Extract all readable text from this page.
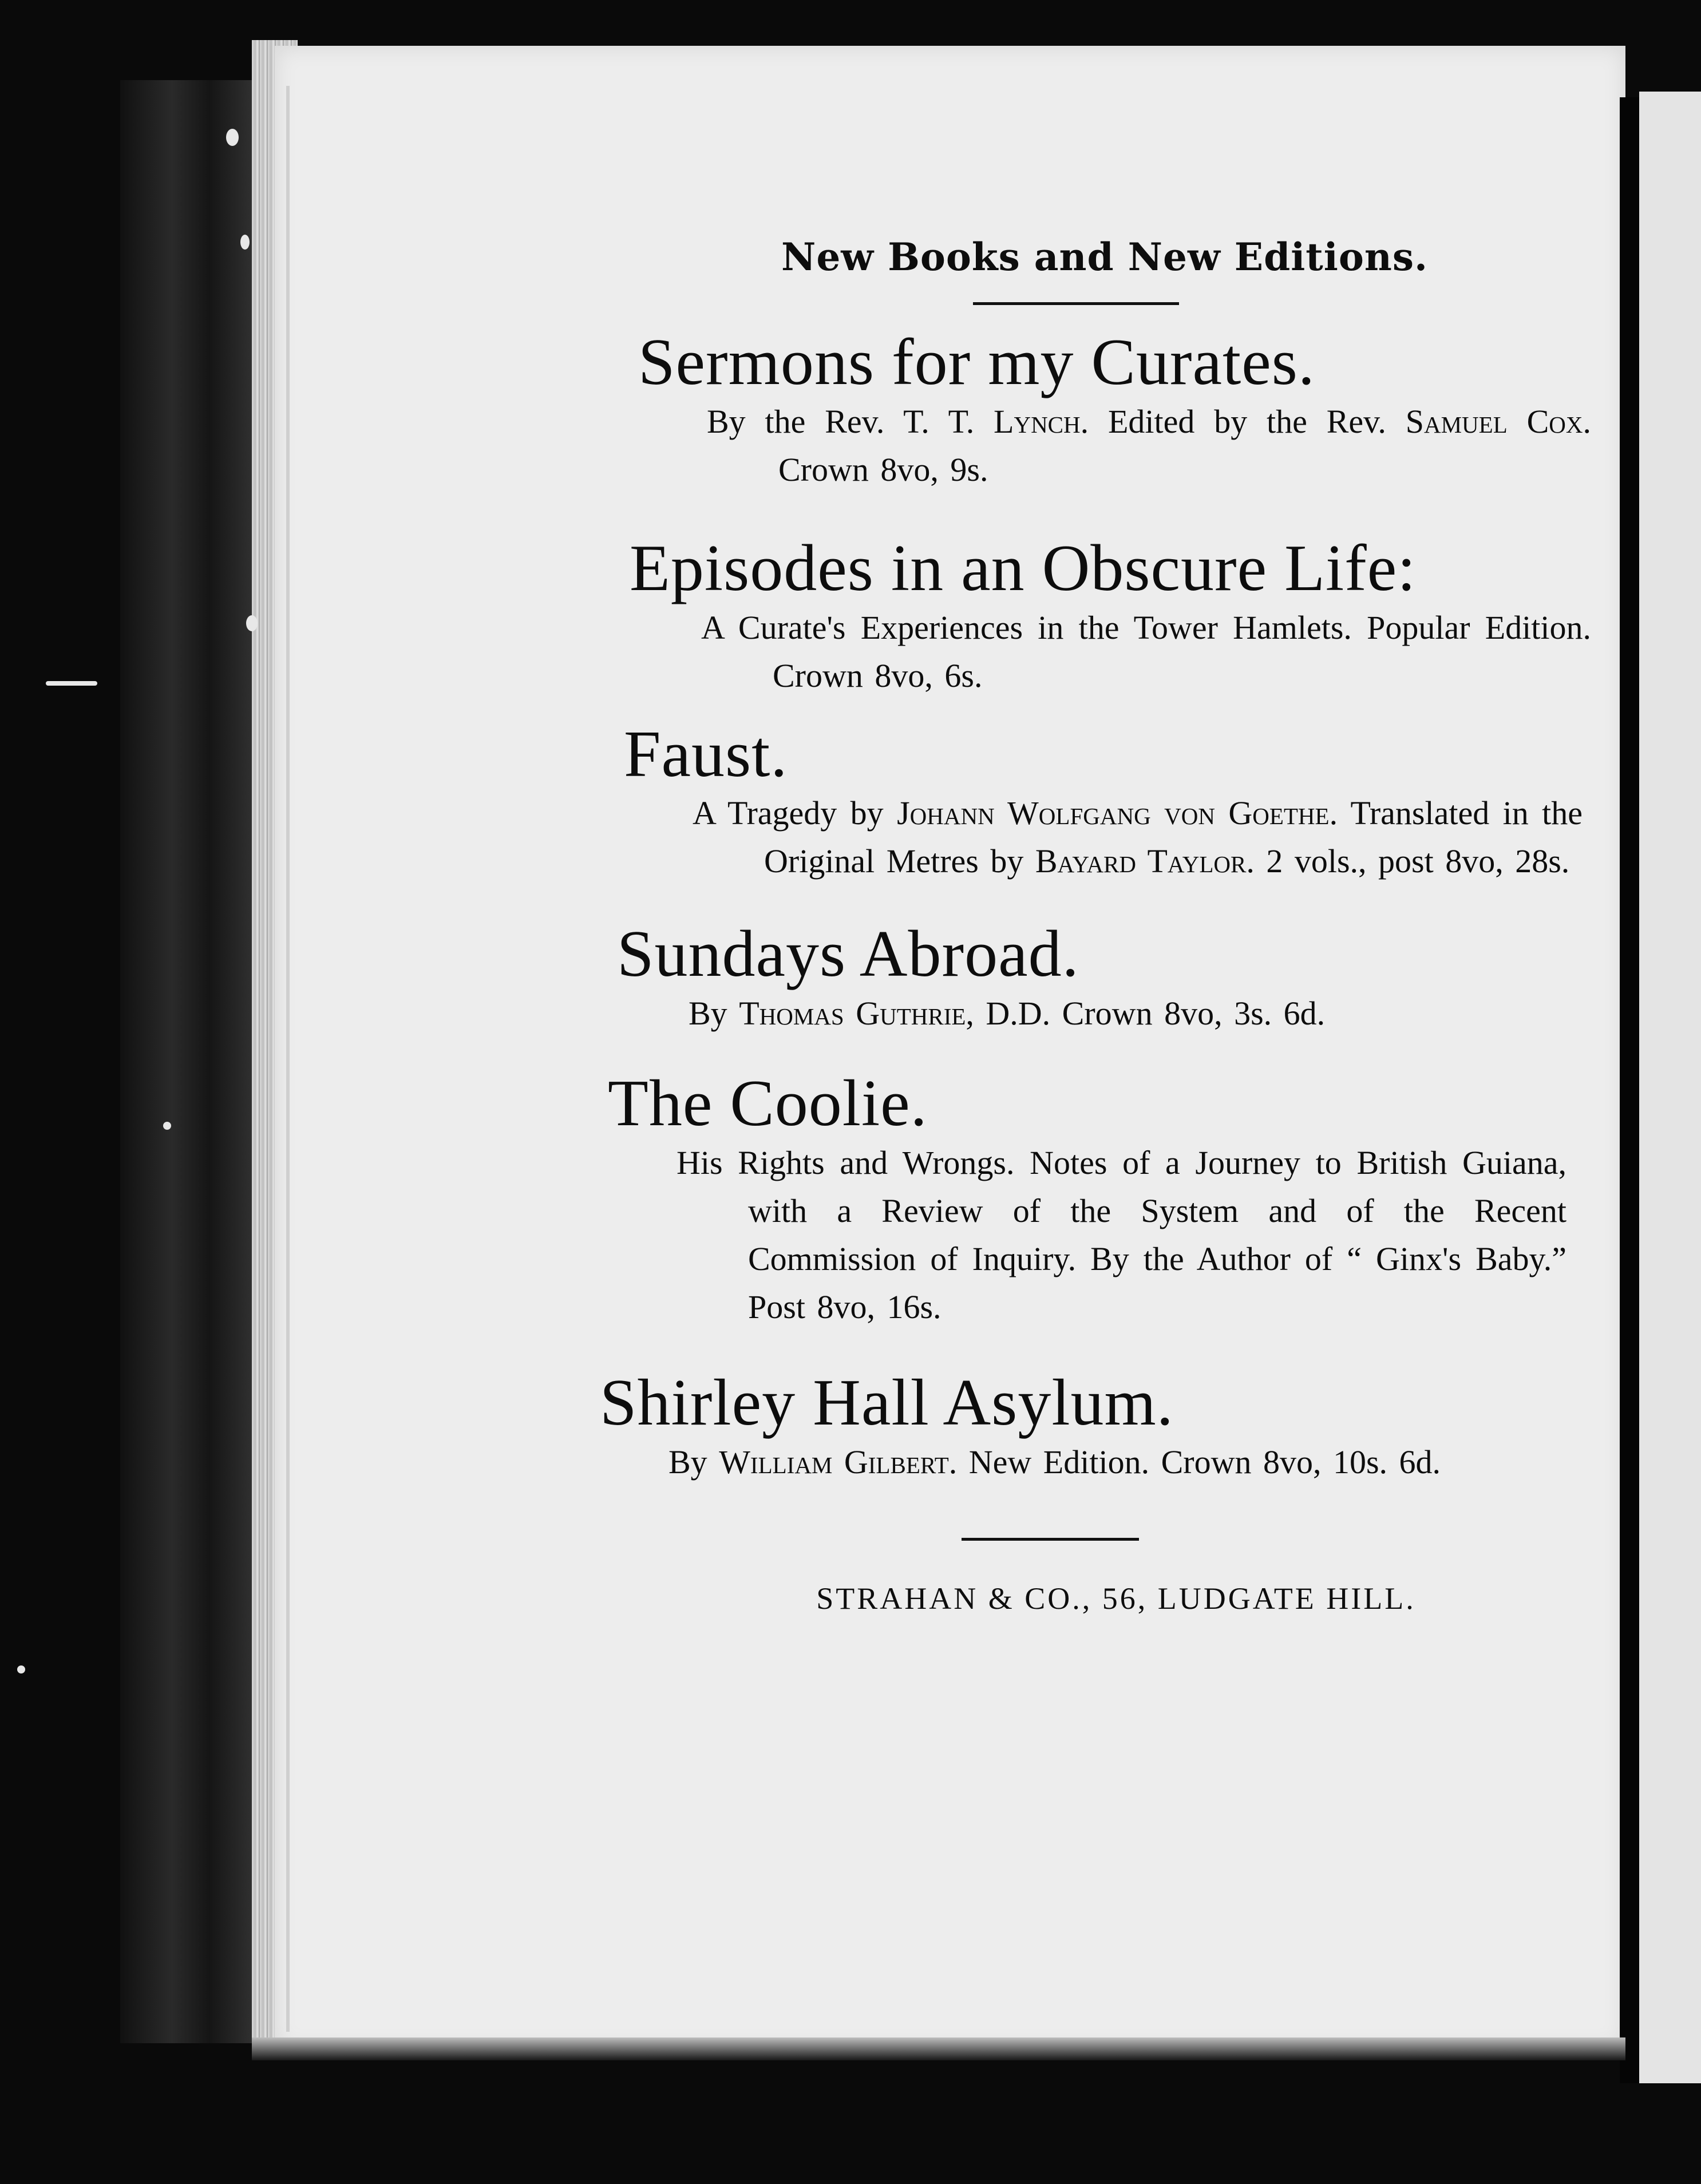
New Books and New Editions.
Sermons for my Curates.
By the Rev. T. T. Lynch. Edited by the Rev. Samuel Cox. Crown 8vo, 9s.
Episodes in an Obscure Life:
A Curate's Experiences in the Tower Hamlets. Popular Edition. Crown 8vo, 6s.
Faust.
A Tragedy by Johann Wolfgang von Goethe. Translated in the Original Metres by Bayard Taylor. 2 vols., post 8vo, 28s.
Sundays Abroad.
By Thomas Guthrie, D.D. Crown 8vo, 3s. 6d.
The Coolie.
His Rights and Wrongs. Notes of a Journey to British Guiana, with a Review of the System and of the Recent Commission of Inquiry. By the Author of “ Ginx's Baby.” Post 8vo, 16s.
Shirley Hall Asylum.
By William Gilbert. New Edition. Crown 8vo, 10s. 6d.
STRAHAN & CO., 56, LUDGATE HILL.
